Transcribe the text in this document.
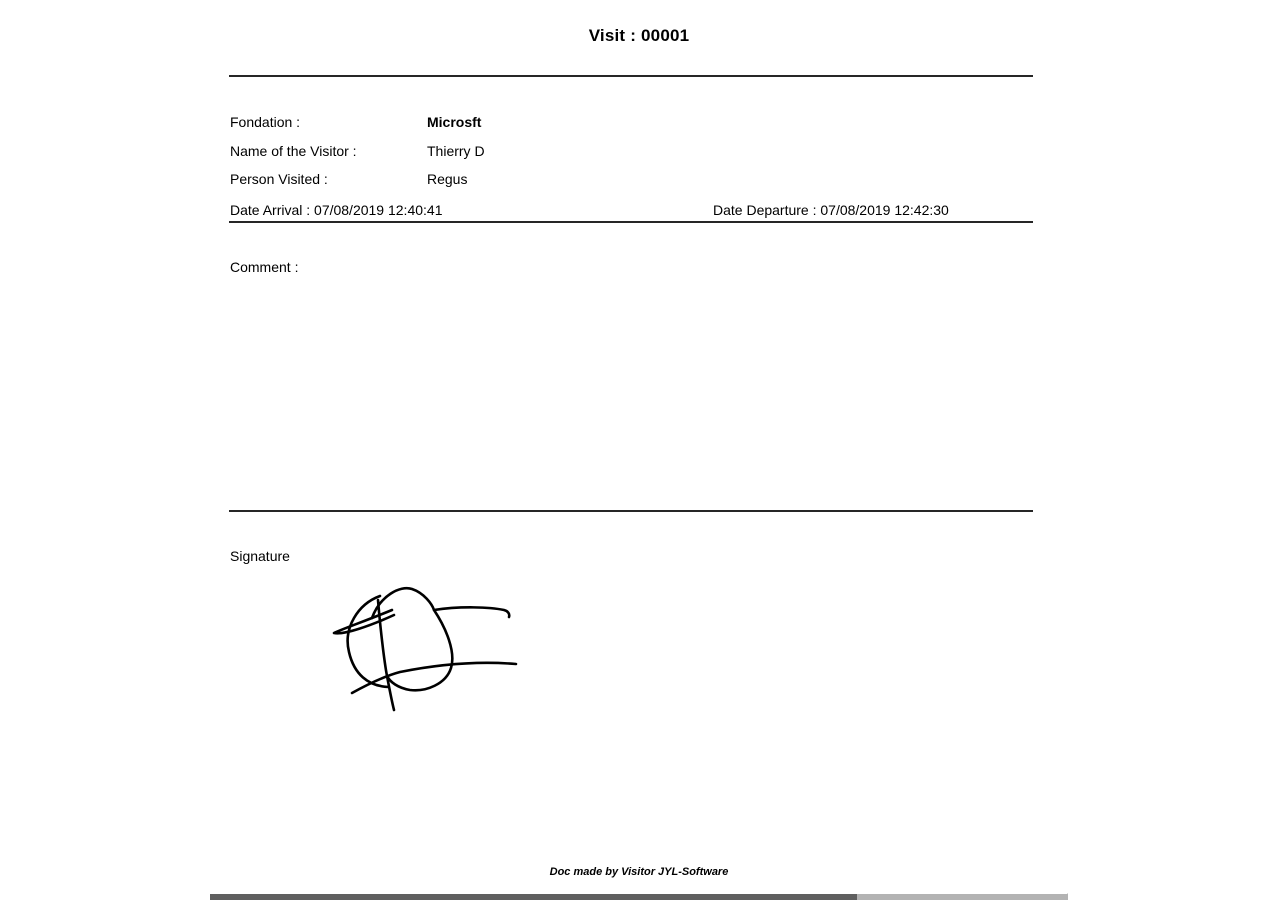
Visit : 00001
Fondation :	Microsft
Name of the Visitor :	Thierry D
Person Visited :	Regus
Date Arrival : 07/08/2019 12:40:41	Date Departure : 07/08/2019 12:42:30
Comment :
Signature
Doc made by Visitor JYL-Software
